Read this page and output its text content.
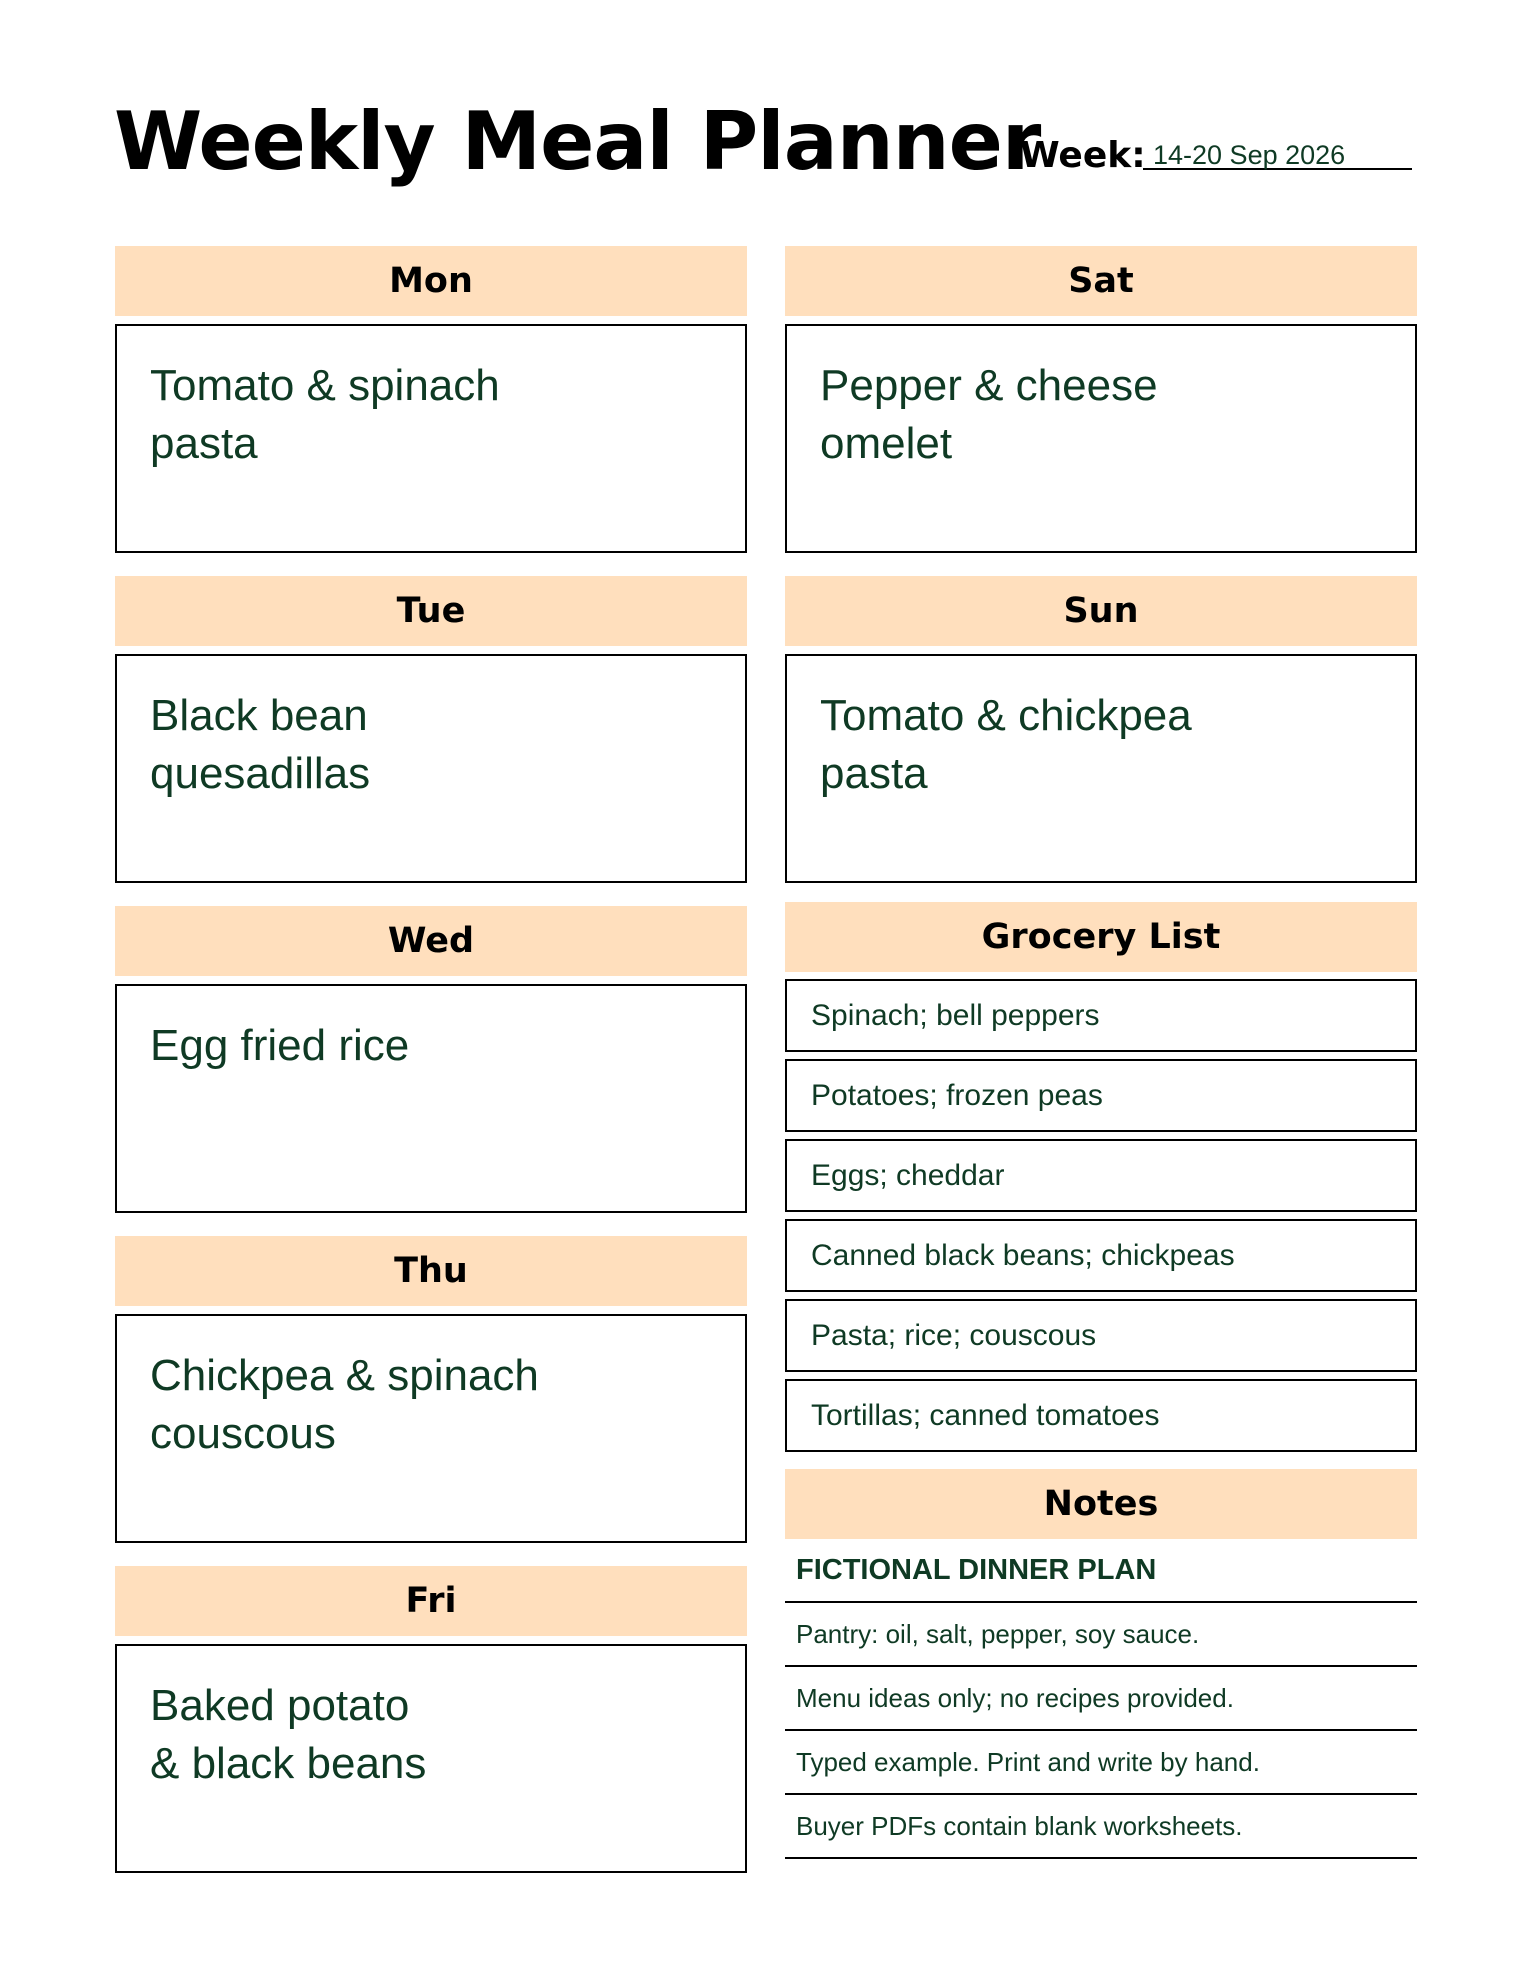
Weekly Meal Planner
Week: 14-20 Sep 2026
Mon
Tomato & spinach
pasta
Tue
Black bean
quesadillas
Wed
Egg fried rice
Thu
Chickpea & spinach
couscous
Fri
Baked potato
& black beans
Sat
Pepper & cheese
omelet
Sun
Tomato & chickpea
pasta
Grocery List
Spinach; bell peppers
Potatoes; frozen peas
Eggs; cheddar
Canned black beans; chickpeas
Pasta; rice; couscous
Tortillas; canned tomatoes
Notes
FICTIONAL DINNER PLAN
Pantry: oil, salt, pepper, soy sauce.
Menu ideas only; no recipes provided.
Typed example. Print and write by hand.
Buyer PDFs contain blank worksheets.
